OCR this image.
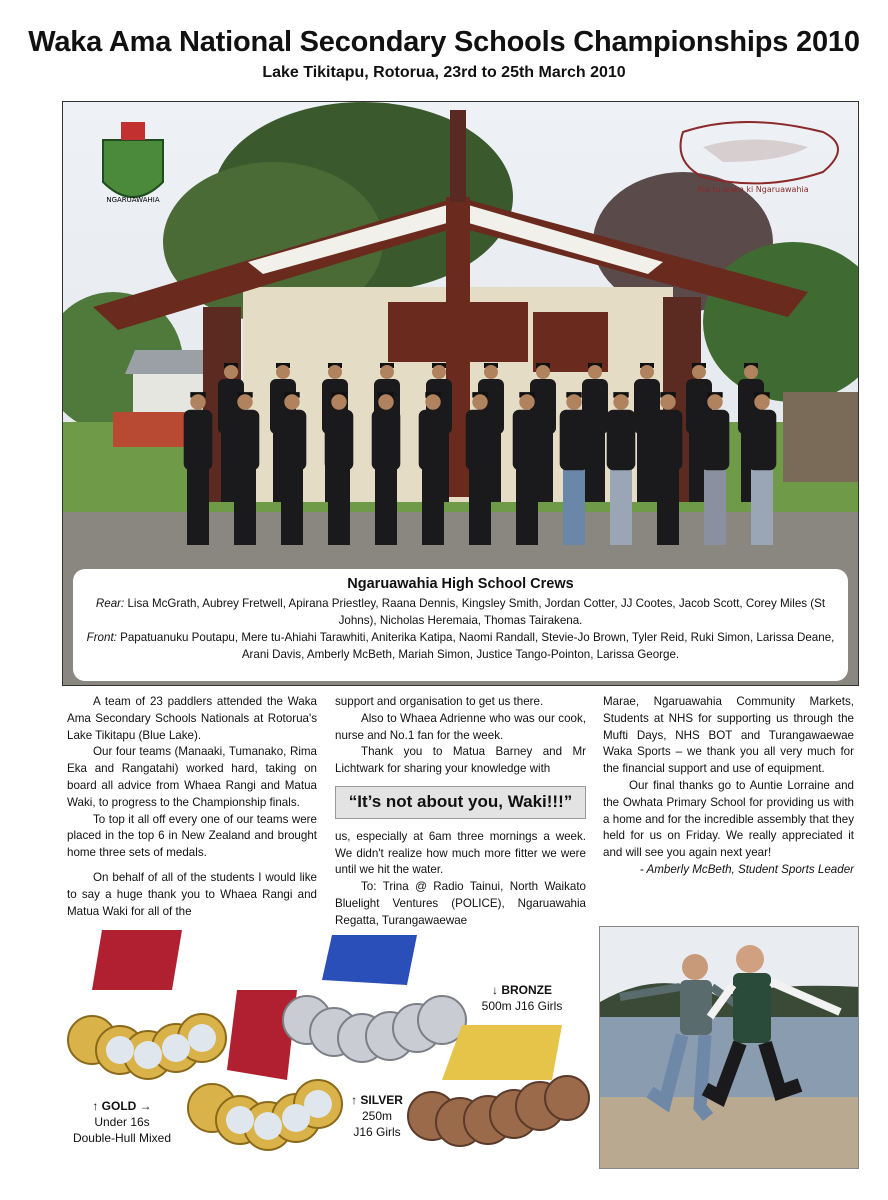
Waka Ama National Secondary Schools Championships 2010
Lake Tikitapu, Rotorua, 23rd to 25th March 2010
NGARUAWAHIA
Kia tu waka ki Ngaruawahia
Ngaruawahia High School Crews
Rear: Lisa McGrath, Aubrey Fretwell, Apirana Priestley, Raana Dennis, Kingsley Smith, Jordan Cotter, JJ Cootes, Jacob Scott, Corey Miles (St Johns), Nicholas Heremaia, Thomas Tairakena.
Front: Papatuanuku Poutapu, Mere tu-Ahiahi Tarawhiti, Aniterika Katipa, Naomi Randall, Stevie-Jo Brown, Tyler Reid, Ruki Simon, Larissa Deane, Arani Davis, Amberly McBeth, Mariah Simon, Justice Tango-Pointon, Larissa George.

A team of 23 paddlers attended the Waka Ama Secondary Schools Nationals at Rotorua's Lake Tikitapu (Blue Lake).

Our four teams (Manaaki, Tumanako, Rima Eka and Rangatahi) worked hard, taking on board all advice from Whaea Rangi and Matua Waki, to progress to the Championship finals.

To top it all off every one of our teams were placed in the top 6 in New Zealand and brought home three sets of medals.

On behalf of all of the students I would like to say a huge thank you to Whaea Rangi and Matua Waki for all of the

support and organisation to get us there.

Also to Whaea Adrienne who was our cook, nurse and No.1 fan for the week.

Thank you to Matua Barney and Mr Lichtwark for sharing your knowledge with

“It’s not about you, Waki!!!”

us, especially at 6am three mornings a week. We didn't realize how much more fitter we were until we hit the water.

To: Trina @ Radio Tainui, North Waikato Bluelight Ventures (POLICE), Ngaruawahia Regatta, Turangawaewae

Marae, Ngaruawahia Community Markets, Students at NHS for supporting us through the Mufti Days, NHS BOT and Turangawaewae Waka Sports – we thank you all very much for the financial support and use of equipment.

Our final thanks go to Auntie Lorraine and the Owhata Primary School for providing us with a home and for the incredible assembly that they held for us on Friday. We really appreciated it and will see you again next year!

- Amberly McBeth, Student Sports Leader

↑ GOLD →
Under 16s
Double-Hull Mixed
↑ SILVER
250m
J16 Girls
↓ BRONZE
500m J16 Girls
